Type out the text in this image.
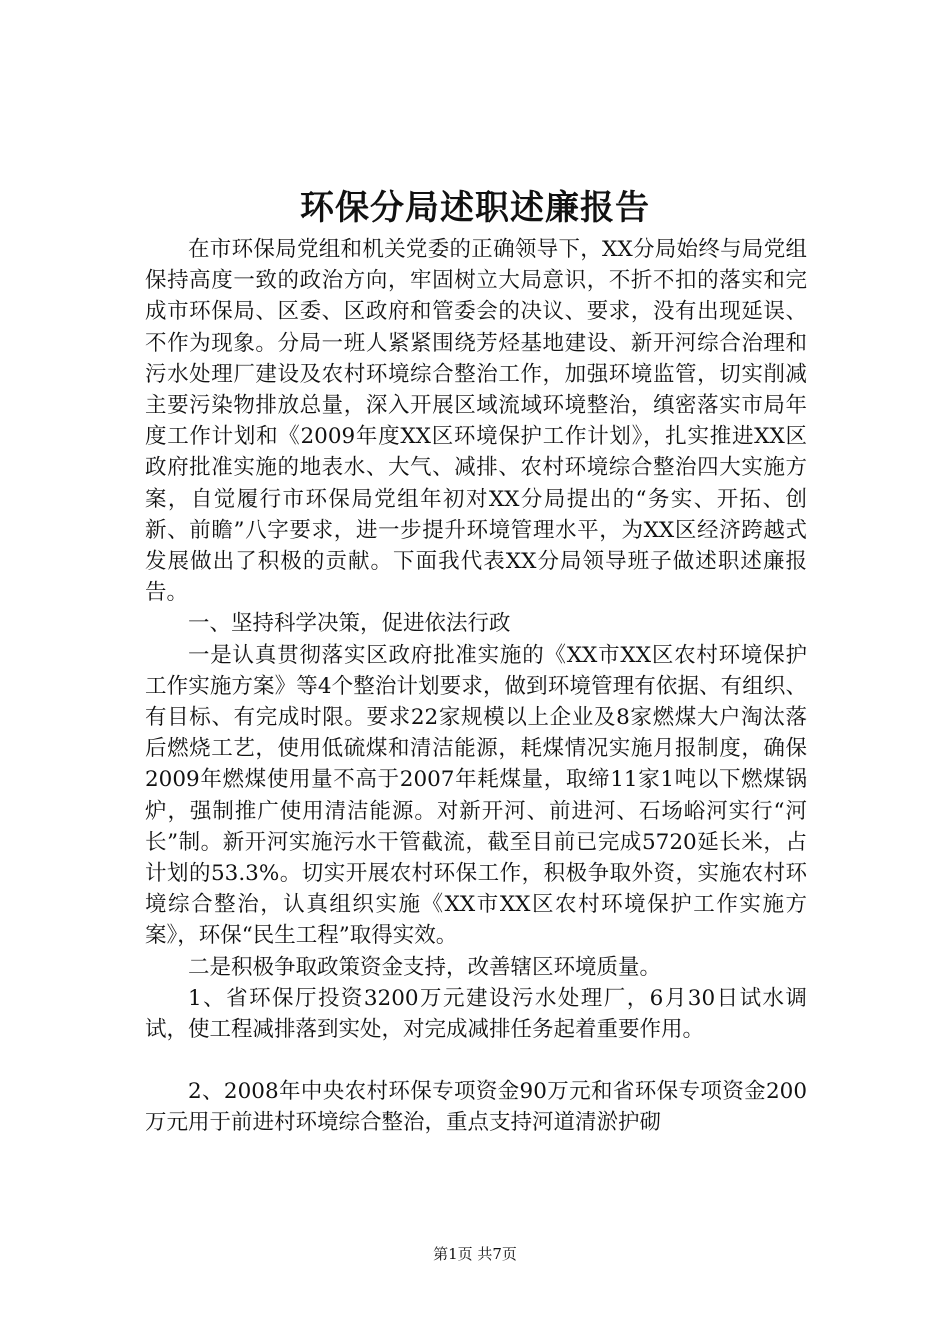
环保分局述职述廉报告

在市环保局党组和机关党委的正确领导下，XX分局始终与局党组保持高度一致的政治方向，牢固树立大局意识，不折不扣的落实和完成市环保局、区委、区政府和管委会的决议、要求，没有出现延误、不作为现象。分局一班人紧紧围绕芳烃基地建设、新开河综合治理和污水处理厂建设及农村环境综合整治工作，加强环境监管，切实削减主要污染物排放总量，深入开展区域流域环境整治，缜密落实市局年度工作计划和《2009年度XX区环境保护工作计划》，扎实推进XX区政府批准实施的地表水、大气、减排、农村环境综合整治四大实施方案，自觉履行市环保局党组年初对XX分局提出的“务实、开拓、创新、前瞻”八字要求，进一步提升环境管理水平，为XX区经济跨越式发展做出了积极的贡献。下面我代表XX分局领导班子做述职述廉报告。

一、坚持科学决策，促进依法行政

一是认真贯彻落实区政府批准实施的《XX市XX区农村环境保护工作实施方案》等4个整治计划要求，做到环境管理有依据、有组织、有目标、有完成时限。要求22家规模以上企业及8家燃煤大户淘汰落后燃烧工艺，使用低硫煤和清洁能源，耗煤情况实施月报制度，确保2009年燃煤使用量不高于2007年耗煤量，取缔11家1吨以下燃煤锅炉，强制推广使用清洁能源。对新开河、前进河、石场峪河实行“河长”制。新开河实施污水干管截流，截至目前已完成5720延长米，占计划的53.3%。切实开展农村环保工作，积极争取外资，实施农村环境综合整治，认真组织实施《XX市XX区农村环境保护工作实施方案》，环保“民生工程”取得实效。

二是积极争取政策资金支持，改善辖区环境质量。

1、省环保厅投资3200万元建设污水处理厂，6月30日试水调试，使工程减排落到实处，对完成减排任务起着重要作用。

2、2008年中央农村环保专项资金90万元和省环保专项资金200万元用于前进村环境综合整治，重点支持河道清淤护砌

第1页 共7页
